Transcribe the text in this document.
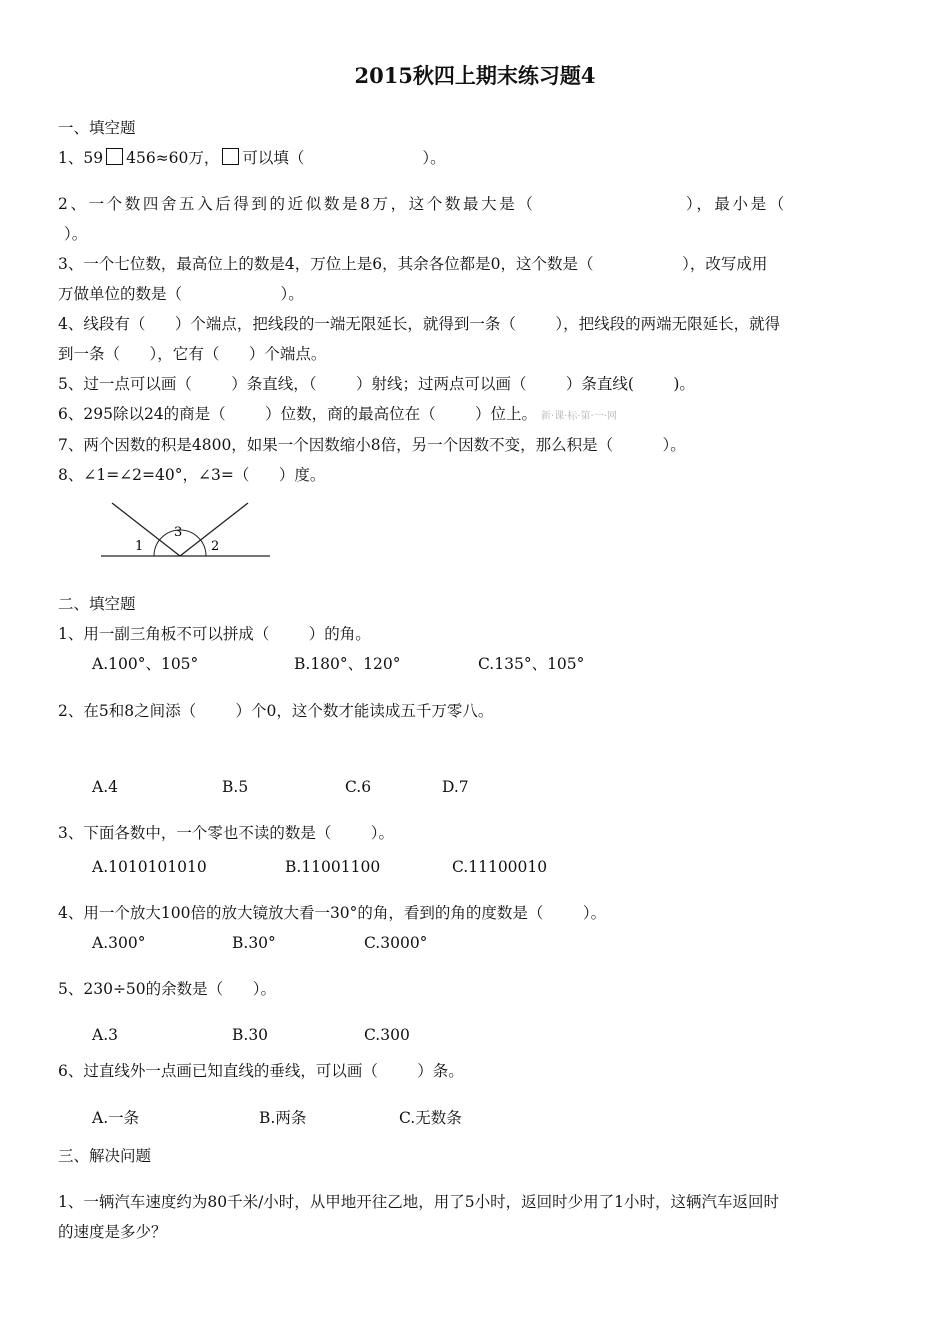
2015秋四上期末练习题4
一、填空题
1、59 456≈60万， 可以填（	）。
2、一个数四舍五入后得到的近似数是8万，这个数最大是（                    ），最小是（
）。
3、一个七位数，最高位上的数是4，万位上是6，其余各位都是0，这个数是（                  ），改写成用
万做单位的数是（                    ）。
4、线段有（      ）个端点，把线段的一端无限延长，就得到一条（        ），把线段的两端无限延长，就得
到一条（      ），它有（      ）个端点。
5、过一点可以画（        ）条直线，（        ）射线；过两点可以画（        ）条直线(        )。
6、295除以24的商是（        ）位数，商的最高位在（        ）位上。 新·课·标·第·一·网
7、两个因数的积是4800，如果一个因数缩小8倍，另一个因数不变，那么积是（          ）。
8、∠1=∠2=40°，∠3=（      ）度。
1
3
2
二、填空题
1、用一副三角板不可以拼成（        ）的角。
A.100°、105°	B.180°、120°	C.135°、105°
2、在5和8之间添（        ）个0，这个数才能读成五千万零八。
A.4	B.5	C.6	D.7
3、下面各数中，一个零也不读的数是（        ）。
A.1010101010	B.11001100	C.11100010
4、用一个放大100倍的放大镜放大看一30°的角，看到的角的度数是（        ）。
A.300°	B.30°	C.3000°
5、230÷50的余数是（      ）。
A.3	B.30	C.300
6、过直线外一点画已知直线的垂线，可以画（        ）条。
A.一条	B.两条	C.无数条
三、解决问题
1、一辆汽车速度约为80千米/小时，从甲地开往乙地，用了5小时，返回时少用了1小时，这辆汽车返回时
的速度是多少？
